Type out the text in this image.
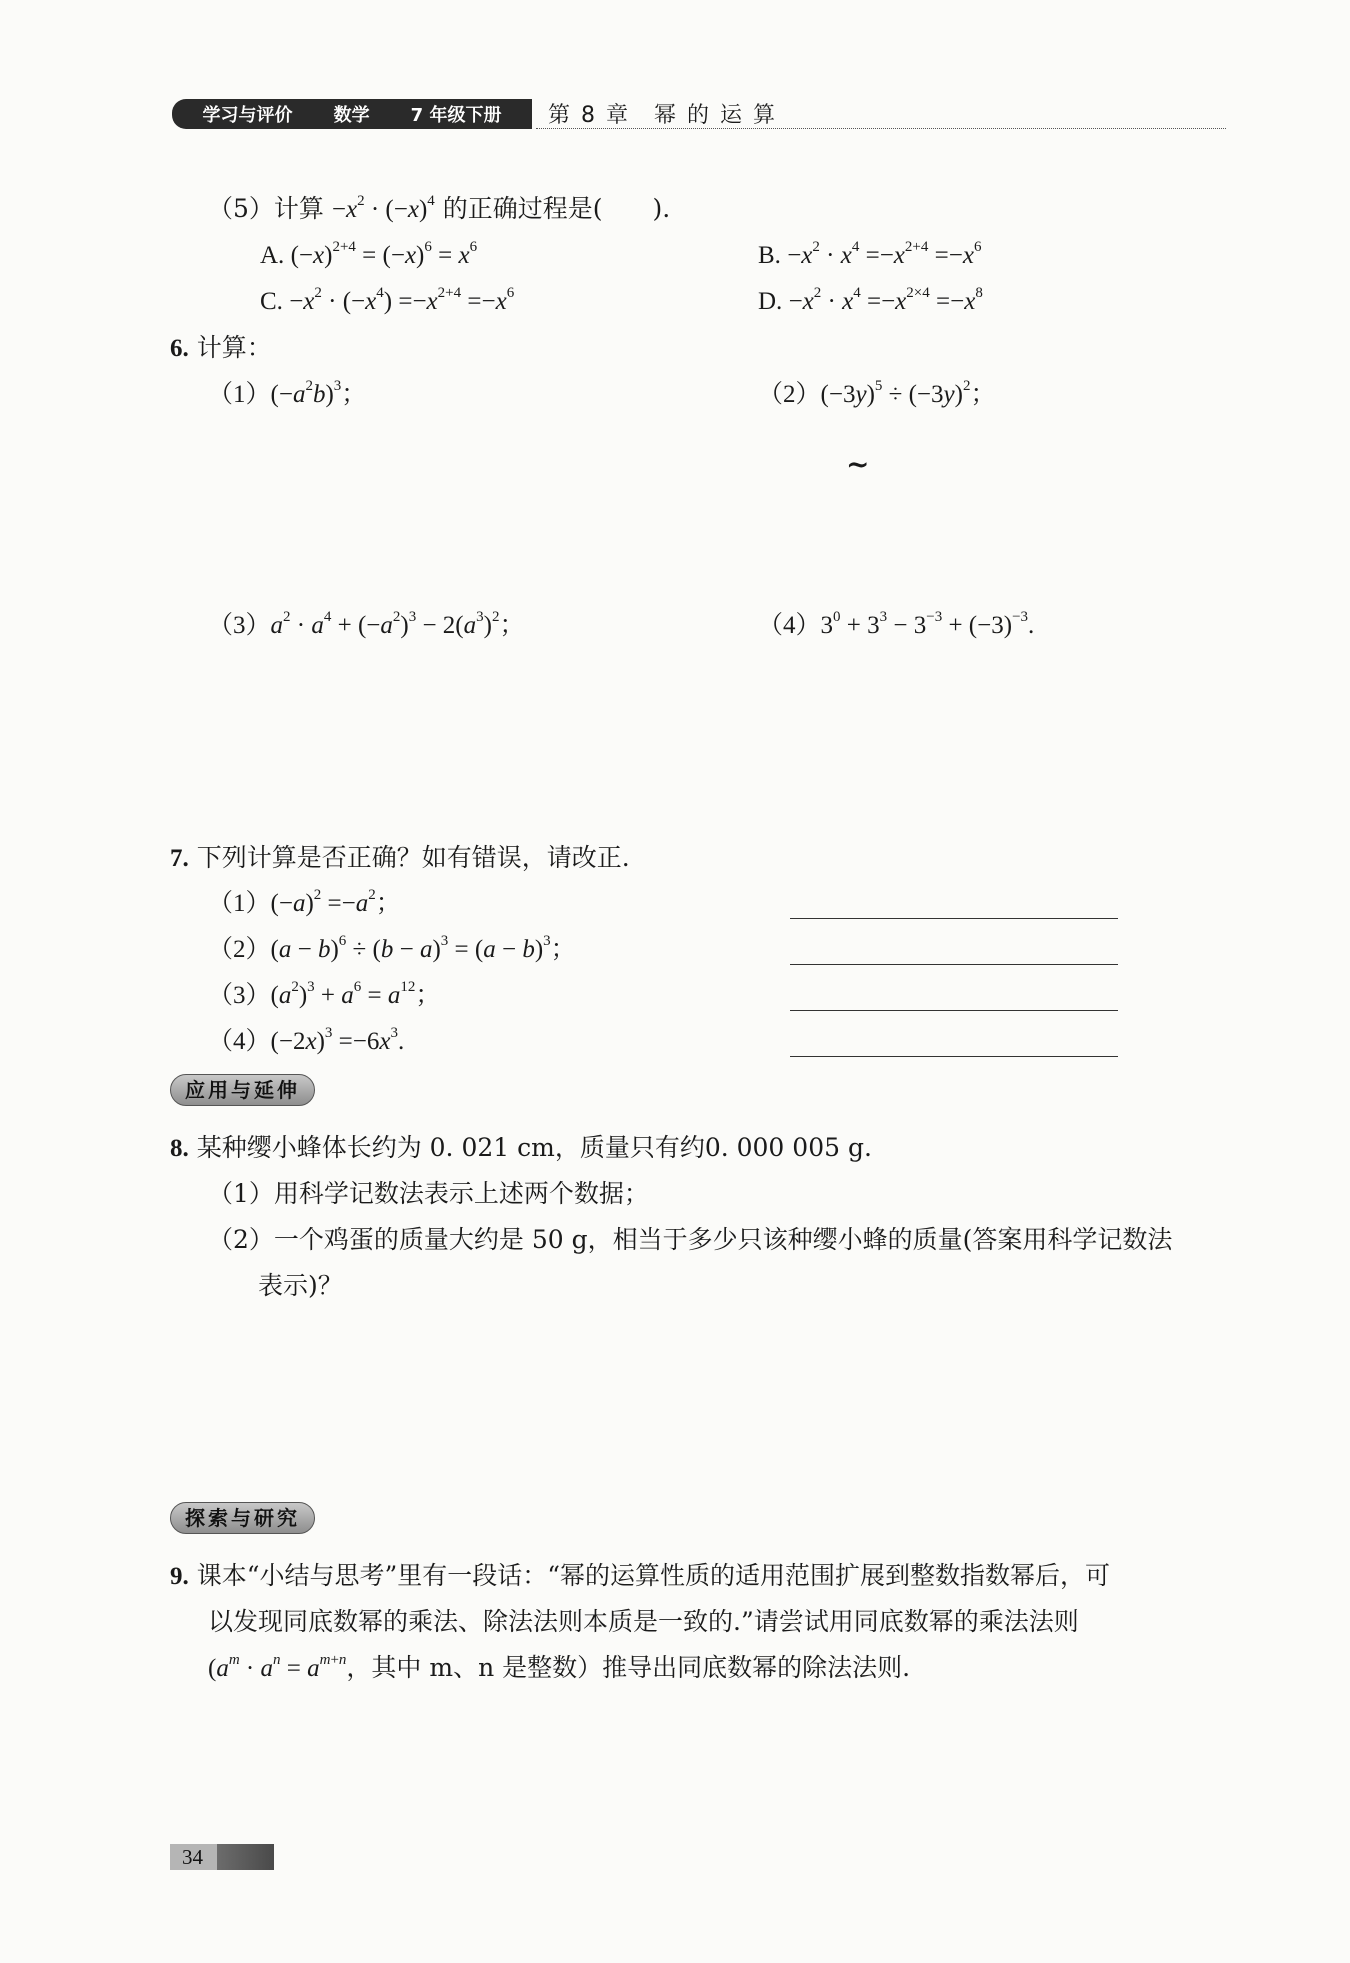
学习与评价 数学 7 年级下册 第 8 章　幂 的 运 算
（5）计算 $-x^2 \cdot (-x)^4$ 的正确过程是(　　).
A. $(-x)^{2+4} = (-x)^6 = x^6$	B. $-x^2 \cdot x^4 =-x^{2+4} =-x^6$
C. $-x^2 \cdot (-x^4) =-x^{2+4} =-x^6$	D. $-x^2 \cdot x^4 =-x^{2\times 4} =-x^8$
6. 计算：
$(1)(-a^2b)^3$；	$(2)(-3y)^5 \div (-3y)^2$；
~
$(3)a^2 \cdot a^4 + (-a^2)^3 - 2(a^3)^2$；	$(4)3^0 + 3^3 - 3^{-3} + (-3)^{-3}$.
7. 下列计算是否正确？如有错误，请改正.
$(1)(-a)^2 =-a^2$；
$(2)(a - b)^6 \div (b - a)^3 = (a - b)^3$；
$(3)(a^2)^3 + a^6 = a^{12}$；
$(4)(-2x)^3 =-6x^3$.
应用与延伸
8. 某种缨小蜂体长约为 0. 021 cm，质量只有约0. 000 005 g.
（1）用科学记数法表示上述两个数据；
（2）一个鸡蛋的质量大约是 50 g，相当于多少只该种缨小蜂的质量(答案用科学记数法
表示)？
探索与研究
9. 课本“小结与思考”里有一段话：“幂的运算性质的适用范围扩展到整数指数幂后，可
以发现同底数幂的乘法、除法法则本质是一致的.”请尝试用同底数幂的乘法法则
($a^m \cdot a^n = a^{m+n}$，其中 m、n 是整数）推导出同底数幂的除法法则.
34
